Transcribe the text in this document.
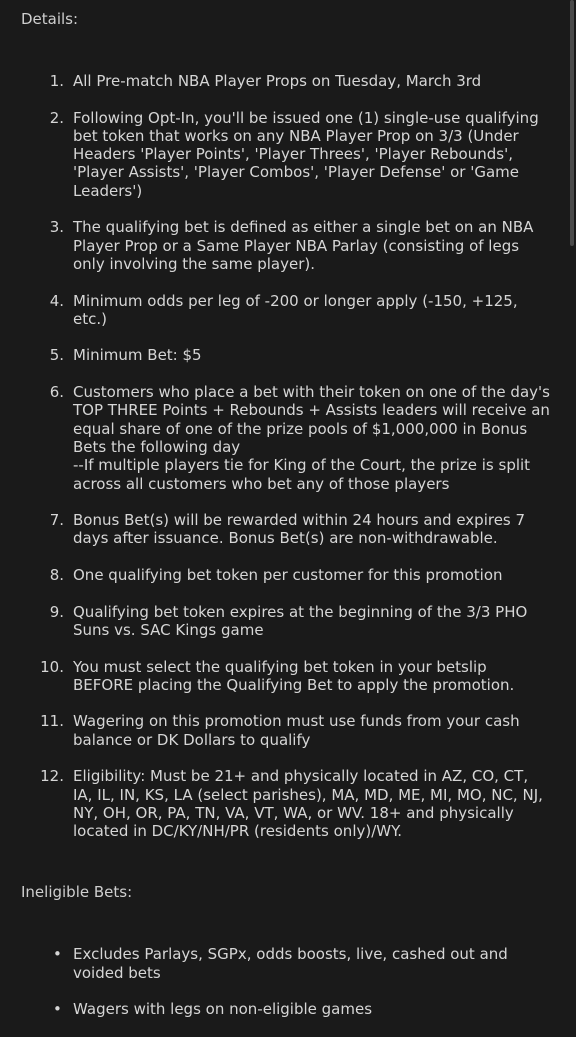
Details:

1. All Pre-match NBA Player Props on Tuesday, March 3rd
2. Following Opt-In, you'll be issued one (1) single-use qualifying bet token that works on any NBA Player Prop on 3/3 (Under Headers 'Player Points', 'Player Threes', 'Player Rebounds', 'Player Assists', 'Player Combos', 'Player Defense' or 'Game Leaders')
3. The qualifying bet is defined as either a single bet on an NBA Player Prop or a Same Player NBA Parlay (consisting of legs only involving the same player).
4. Minimum odds per leg of -200 or longer apply (-150, +125, etc.)
5. Minimum Bet: $5
6. Customers who place a bet with their token on one of the day's TOP THREE Points + Rebounds + Assists leaders will receive an equal share of one of the prize pools of $1,000,000 in Bonus Bets the following day
--If multiple players tie for King of the Court, the prize is split across all customers who bet any of those players
7. Bonus Bet(s) will be rewarded within 24 hours and expires 7 days after issuance. Bonus Bet(s) are non-withdrawable.
8. One qualifying bet token per customer for this promotion
9. Qualifying bet token expires at the beginning of the 3/3 PHO Suns vs. SAC Kings game
10. You must select the qualifying bet token in your betslip BEFORE placing the Qualifying Bet to apply the promotion.
11. Wagering on this promotion must use funds from your cash balance or DK Dollars to qualify
12. Eligibility: Must be 21+ and physically located in AZ, CO, CT, IA, IL, IN, KS, LA (select parishes), MA, MD, ME, MI, MO, NC, NJ, NY, OH, OR, PA, TN, VA, VT, WA, or WV. 18+ and physically located in DC/KY/NH/PR (residents only)/WY.

Ineligible Bets:

• Excludes Parlays, SGPx, odds boosts, live, cashed out and voided bets
• Wagers with legs on non-eligible games
